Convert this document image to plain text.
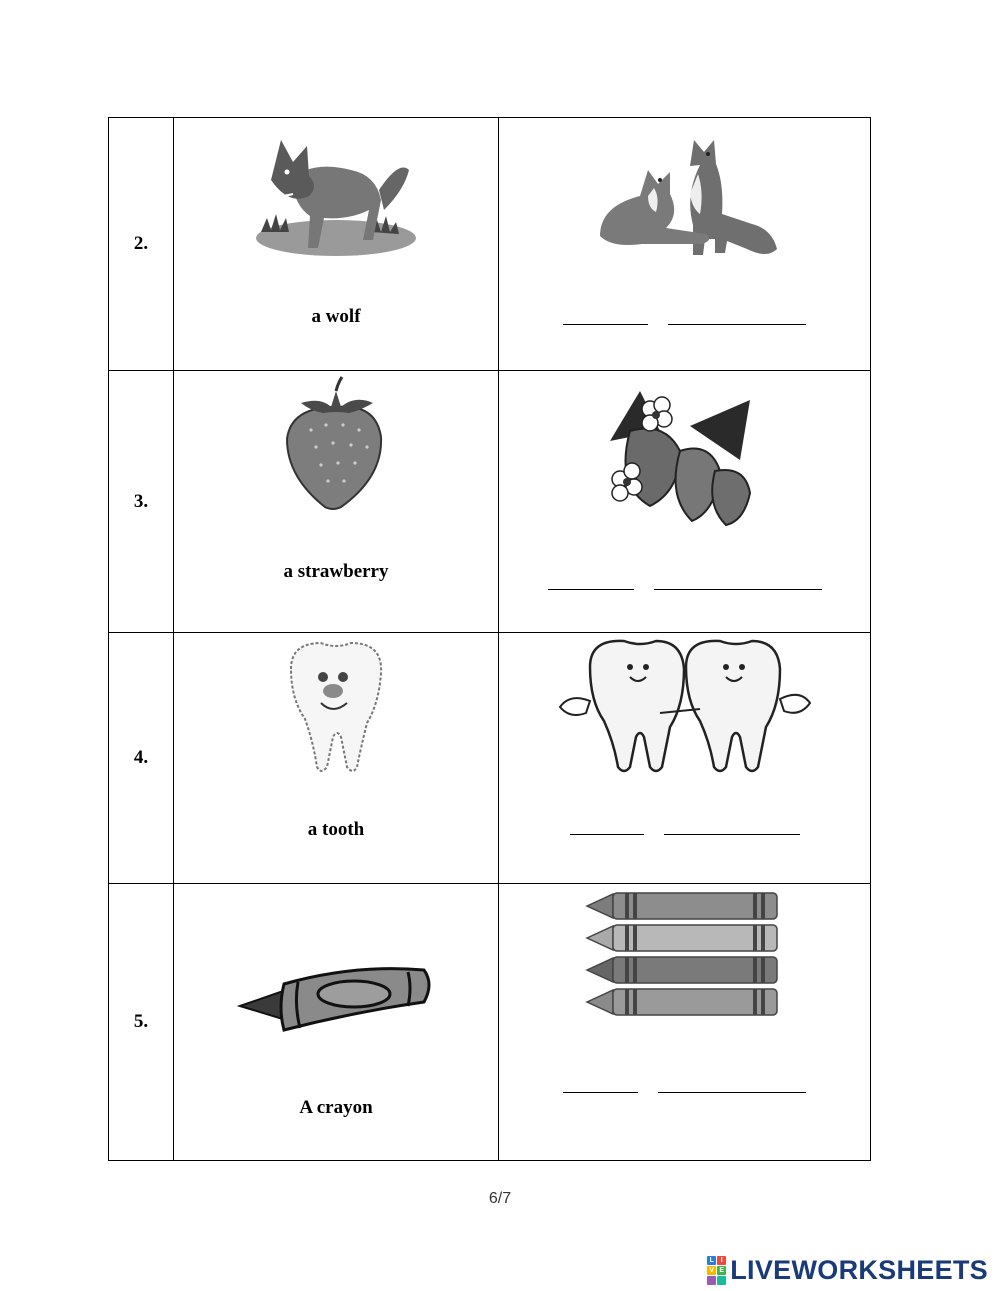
2.	a wolf

3.	a strawberry

4.	a tooth

5.	A crayon

6/7
L I
V E LIVEWORKSHEETS
